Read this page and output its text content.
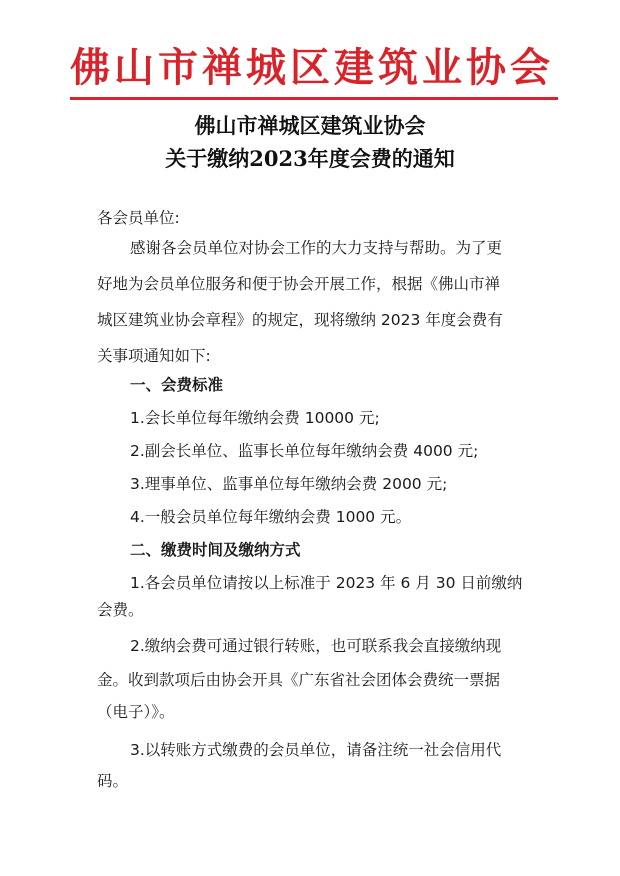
佛山市禅城区建筑业协会
佛山市禅城区建筑业协会
关于缴纳2023年度会费的通知
各会员单位:
感谢各会员单位对协会工作的大力支持与帮助。为了更
好地为会员单位服务和便于协会开展工作，根据《佛山市禅
城区建筑业协会章程》的规定，现将缴纳 2023 年度会费有
关事项通知如下:
一、会费标准
1.会长单位每年缴纳会费 10000 元;
2.副会长单位、监事长单位每年缴纳会费 4000 元;
3.理事单位、监事单位每年缴纳会费 2000 元;
4.一般会员单位每年缴纳会费 1000 元。
二、缴费时间及缴纳方式
1.各会员单位请按以上标准于 2023 年 6 月 30 日前缴纳
会费。
2.缴纳会费可通过银行转账，也可联系我会直接缴纳现
金。收到款项后由协会开具《广东省社会团体会费统一票据
（电子）》。
3.以转账方式缴费的会员单位，请备注统一社会信用代
码。
